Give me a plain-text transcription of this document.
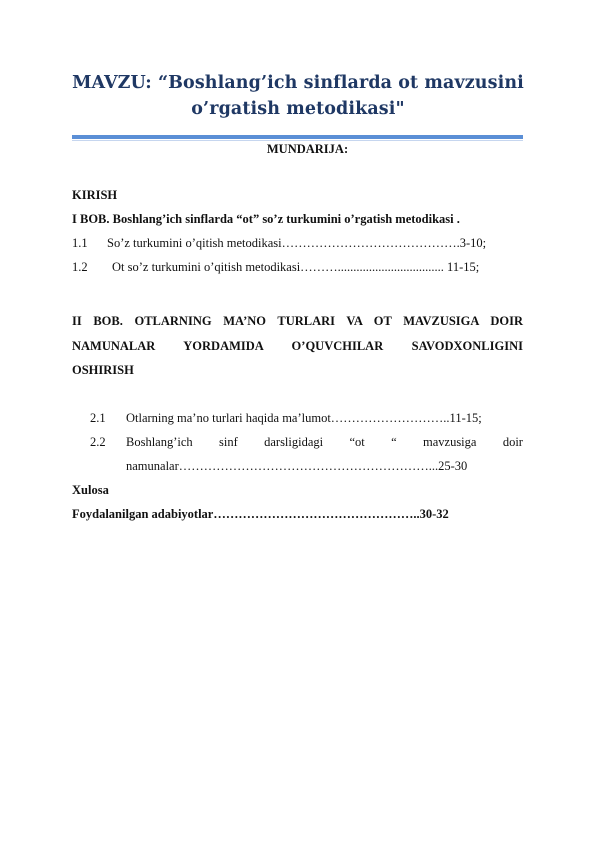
MAVZU: “Boshlang’ich sinflarda ot mavzusini
o’rgatish metodikasi"
MUNDARIJA:
KIRISH
I BOB. Boshlang’ich sinflarda “ot” so’z turkumini o’rgatish metodikasi .
1.1 So’z turkumini o’qitish metodikasi…………………………………….3-10;
1.2 Ot so’z turkumini o’qitish metodikasi……….................................. 11-15;
II BOB. OTLARNING MA’NO TURLARI VA OT MAVZUSIGA DOIR
NAMUNALAR YORDAMIDA O’QUVCHILAR SAVODXONLIGINI
OSHIRISH
2.1 Otlarning ma’no turlari haqida ma’lumot………………………..11-15;
2.2 Boshlang’ich sinf darsligidagi “ot “ mavzusiga doir
namunalar……………………………………………………...25-30
Xulosa
Foydalanilgan adabiyotlar…………………………………………..30-32
